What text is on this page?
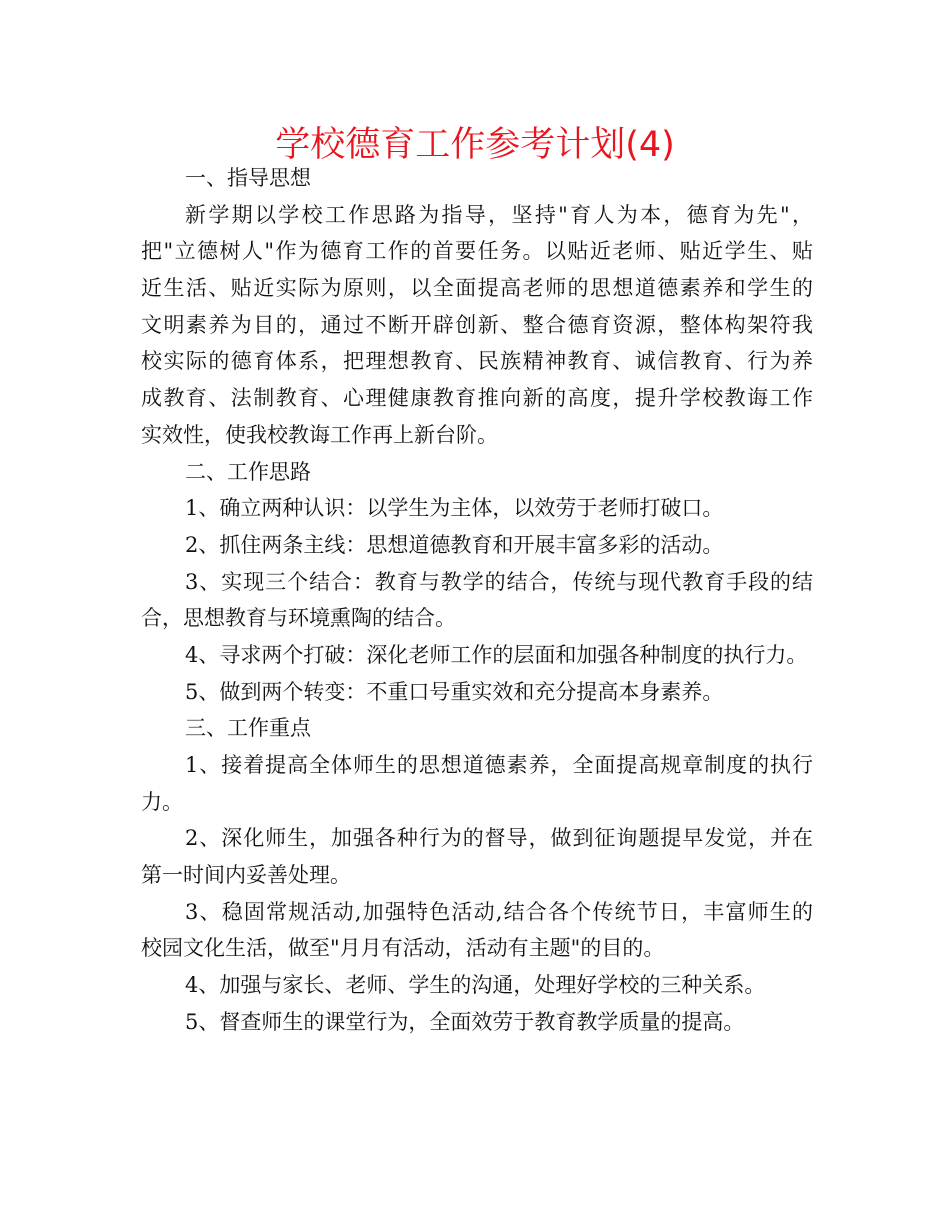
学校德育工作参考计划(4)
一、指导思想
新学期以学校工作思路为指导，坚持"育人为本，德育为先"，
把"立德树人"作为德育工作的首要任务。以贴近老师、贴近学生、贴
近生活、贴近实际为原则，以全面提高老师的思想道德素养和学生的
文明素养为目的，通过不断开辟创新、整合德育资源，整体构架符我
校实际的德育体系，把理想教育、民族精神教育、诚信教育、行为养
成教育、法制教育、心理健康教育推向新的高度，提升学校教诲工作
实效性，使我校教诲工作再上新台阶。
二、工作思路
1、确立两种认识：以学生为主体，以效劳于老师打破口。
2、抓住两条主线：思想道德教育和开展丰富多彩的活动。
3、实现三个结合：教育与教学的结合，传统与现代教育手段的结
合，思想教育与环境熏陶的结合。
4、寻求两个打破：深化老师工作的层面和加强各种制度的执行力。
5、做到两个转变：不重口号重实效和充分提高本身素养。
三、工作重点
1、接着提高全体师生的思想道德素养，全面提高规章制度的执行
力。
2、深化师生，加强各种行为的督导，做到征询题提早发觉，并在
第一时间内妥善处理。
3、稳固常规活动,加强特色活动,结合各个传统节日，丰富师生的
校园文化生活，做至"月月有活动，活动有主题"的目的。
4、加强与家长、老师、学生的沟通，处理好学校的三种关系。
5、督查师生的课堂行为，全面效劳于教育教学质量的提高。
